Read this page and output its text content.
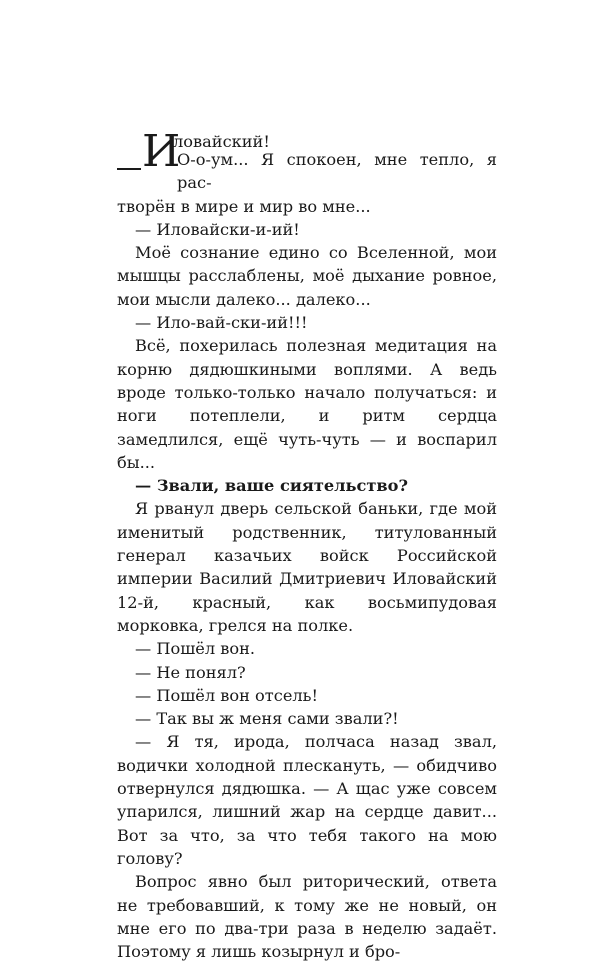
И
ловайский!
О-о-ум... Я спокоен, мне тепло, я рас-

творён в мире и мир во мне...

— Иловайски-и-ий!

Моё сознание едино со Вселенной, мои мышцы расслаблены, моё дыхание ровное, мои мысли далеко... далеко...

— Ило-вай-ски-ий!!!

Всё, похерилась полезная медитация на корню дядюшкиными воплями. А ведь вроде только-только начало получаться: и ноги потеплели, и ритм сердца замедлился, ещё чуть-чуть — и воспарил бы...

— Звали, ваше сиятельство?

Я рванул дверь сельской баньки, где мой именитый родственник, титулованный генерал казачьих войск Российской империи Василий Дмитриевич Иловайский 12-й, красный, как восьмипудовая морковка, грелся на полке.

— Пошёл вон.

— Не понял?

— Пошёл вон отсель!

— Так вы ж меня сами звали?!

— Я тя, ирода, полчаса назад звал, водички холодной плескануть, — обидчиво отвернулся дядюшка. — А щас уже совсем упарился, лишний жар на сердце давит... Вот за что, за что тебя такого на мою голову?

Вопрос явно был риторический, ответа не требовавший, к тому же не новый, он мне его по два-три раза в неделю задаёт. Поэтому я лишь козырнул и бро-
